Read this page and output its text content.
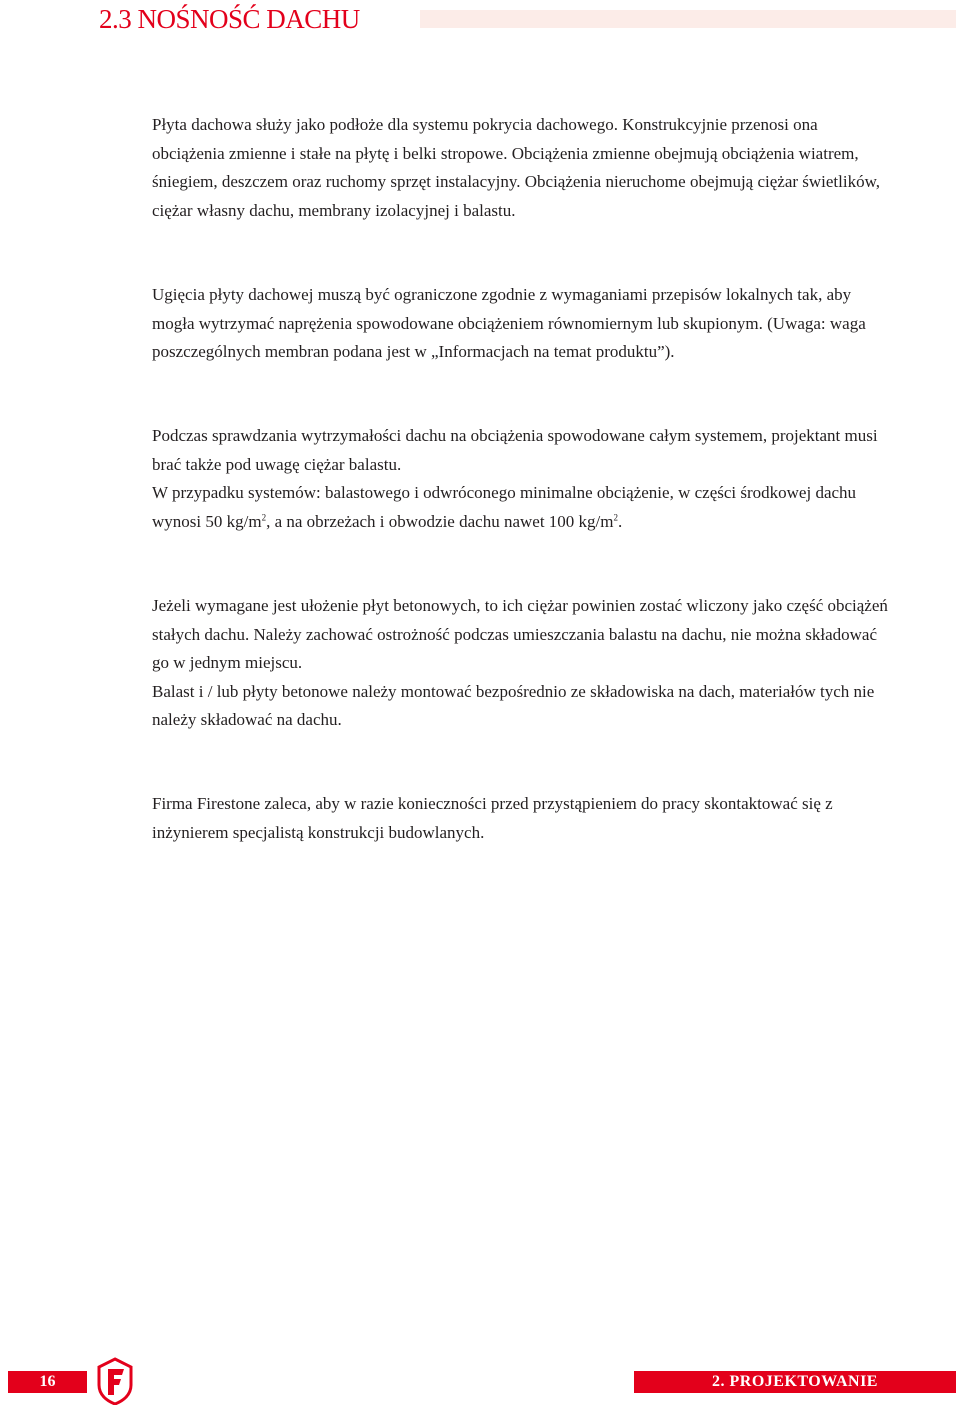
2.3 NOŚNOŚĆ DACHU

Płyta dachowa służy jako podłoże dla systemu pokrycia dachowego. Konstrukcyjnie przenosi ona
obciążenia zmienne i stałe na płytę i belki stropowe. Obciążenia zmienne obejmują obciążenia wiatrem,
śniegiem, deszczem oraz ruchomy sprzęt instalacyjny. Obciążenia nieruchome obejmują ciężar świetlików,
ciężar własny dachu, membrany izolacyjnej i balastu.

Ugięcia płyty dachowej muszą być ograniczone zgodnie z wymaganiami przepisów lokalnych tak, aby
mogła wytrzymać naprężenia spowodowane obciążeniem równomiernym lub skupionym. (Uwaga: waga
poszczególnych membran podana jest w „Informacjach na temat produktu”).

Podczas sprawdzania wytrzymałości dachu na obciążenia spowodowane całym systemem, projektant musi
brać także pod uwagę ciężar balastu.
W przypadku systemów: balastowego i odwróconego minimalne obciążenie, w części środkowej dachu
wynosi 50 $kg/m^2$, a na obrzeżach i obwodzie dachu nawet 100 $kg/m^2$.

Jeżeli wymagane jest ułożenie płyt betonowych, to ich ciężar powinien zostać wliczony jako część obciążeń
stałych dachu. Należy zachować ostrożność podczas umieszczania balastu na dachu, nie można składować
go w jednym miejscu.
Balast i / lub płyty betonowe należy montować bezpośrednio ze składowiska na dach, materiałów tych nie
należy składować na dachu.

Firma Firestone zaleca, aby w razie konieczności przed przystąpieniem do pracy skontaktować się z
inżynierem specjalistą konstrukcji budowlanych.

16	2. PROJEKTOWANIE
